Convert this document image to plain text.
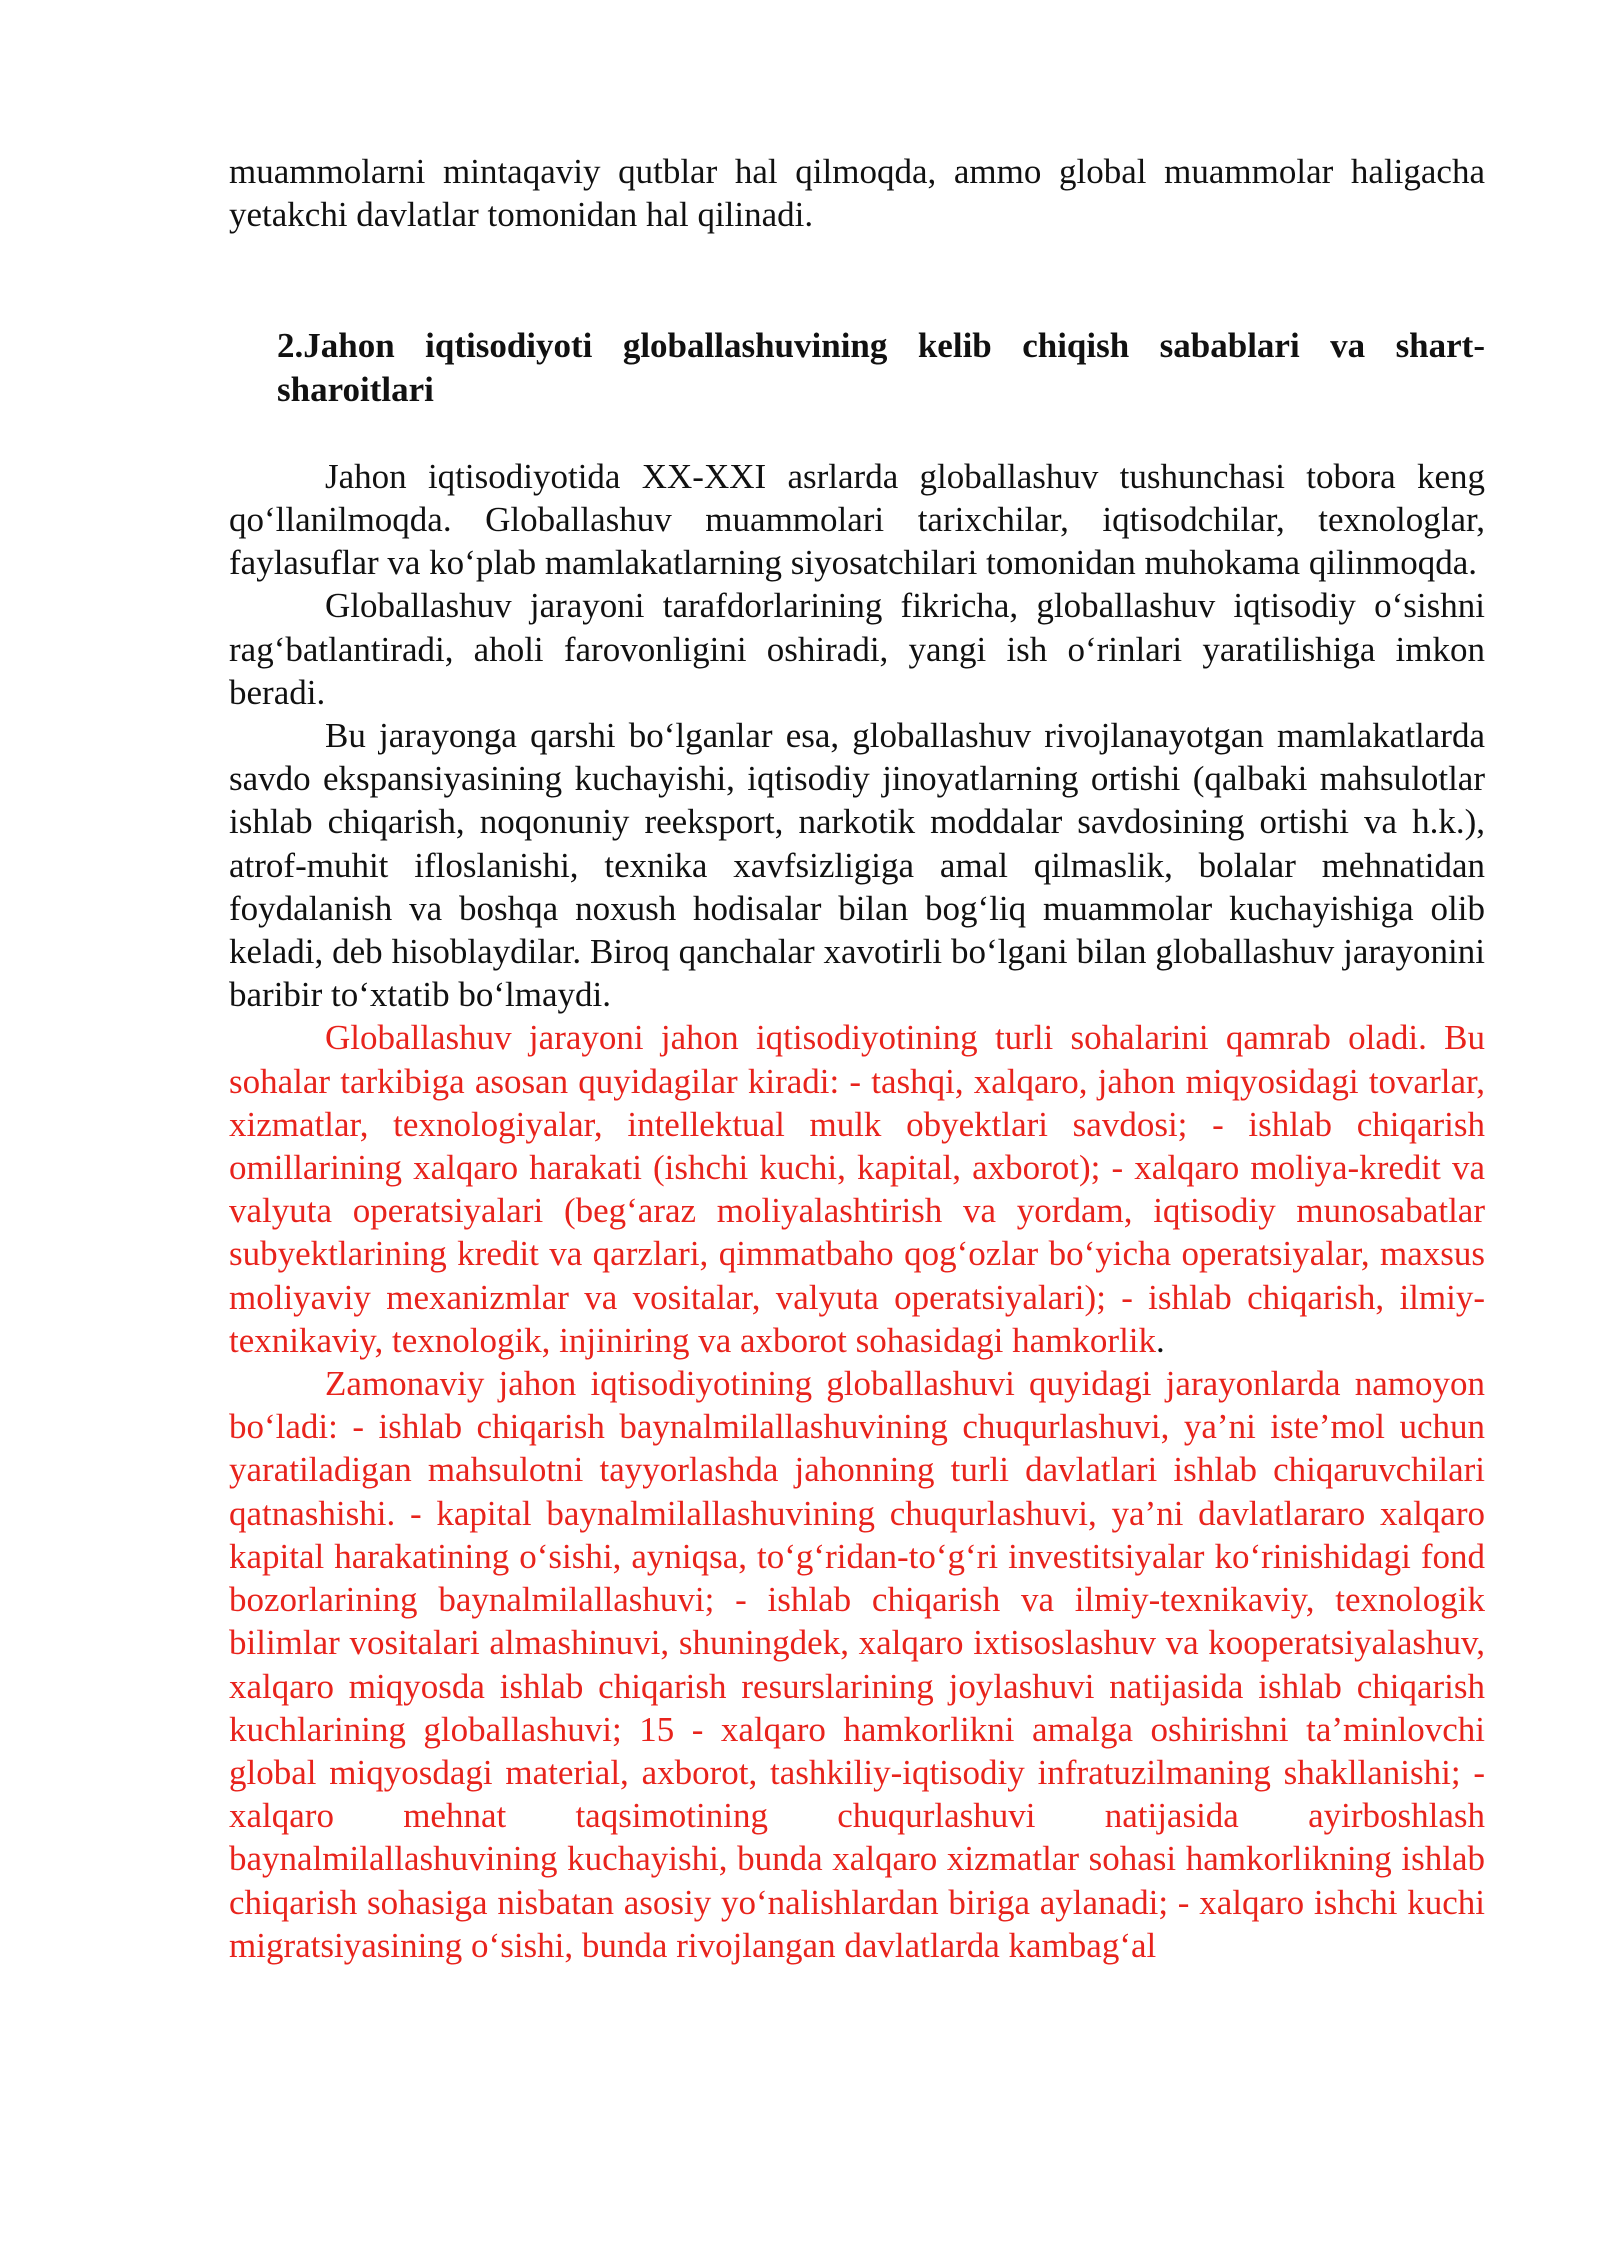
muammolarni mintaqaviy qutblar hal qilmoqda, ammo global muammolar haligacha yetakchi davlatlar tomonidan hal qilinadi.

2.Jahon iqtisodiyoti globallashuvining kelib chiqish sabablari va shart-sharoitlari

Jahon iqtisodiyotida XX-XXI asrlarda globallashuv tushunchasi tobora keng qo‘llanilmoqda. Globallashuv muammolari tarixchilar, iqtisodchilar, texnologlar, faylasuflar va ko‘plab mamlakatlarning siyosatchilari tomonidan muhokama qilinmoqda.

Globallashuv jarayoni tarafdorlarining fikricha, globallashuv iqtisodiy o‘sishni rag‘batlantiradi, aholi farovonligini oshiradi, yangi ish o‘rinlari yaratilishiga imkon beradi.

Bu jarayonga qarshi bo‘lganlar esa, globallashuv rivojlanayotgan mamlakatlarda savdo ekspansiyasining kuchayishi, iqtisodiy jinoyatlarning ortishi (qalbaki mahsulotlar ishlab chiqarish, noqonuniy reeksport, narkotik moddalar savdosining ortishi va h.k.), atrof-muhit ifloslanishi, texnika xavfsizligiga amal qilmaslik, bolalar mehnatidan foydalanish va boshqa noxush hodisalar bilan bog‘liq muammolar kuchayishiga olib keladi, deb hisoblaydilar. Biroq qanchalar xavotirli bo‘lgani bilan globallashuv jarayonini baribir to‘xtatib bo‘lmaydi.

Globallashuv jarayoni jahon iqtisodiyotining turli sohalarini qamrab oladi. Bu sohalar tarkibiga asosan quyidagilar kiradi: - tashqi, xalqaro, jahon miqyosidagi tovarlar, xizmatlar, texnologiyalar, intellektual mulk obyektlari savdosi; - ishlab chiqarish omillarining xalqaro harakati (ishchi kuchi, kapital, axborot); - xalqaro moliya-kredit va valyuta operatsiyalari (beg‘araz moliyalashtirish va yordam, iqtisodiy munosabatlar subyektlarining kredit va qarzlari, qimmatbaho qog‘ozlar bo‘yicha operatsiyalar, maxsus moliyaviy mexanizmlar va vositalar, valyuta operatsiyalari); - ishlab chiqarish, ilmiy-texnikaviy, texnologik, injiniring va axborot sohasidagi hamkorlik.

Zamonaviy jahon iqtisodiyotining globallashuvi quyidagi jarayonlarda namoyon bo‘ladi: - ishlab chiqarish baynalmilallashuvining chuqurlashuvi, ya’ni iste’mol uchun yaratiladigan mahsulotni tayyorlashda jahonning turli davlatlari ishlab chiqaruvchilari qatnashishi. - kapital baynalmilallashuvining chuqurlashuvi, ya’ni davlatlararo xalqaro kapital harakatining o‘sishi, ayniqsa, to‘g‘ridan-to‘g‘ri investitsiyalar ko‘rinishidagi fond bozorlarining baynalmilallashuvi; - ishlab chiqarish va ilmiy-texnikaviy, texnologik bilimlar vositalari almashinuvi, shuningdek, xalqaro ixtisoslashuv va kooperatsiyalashuv, xalqaro miqyosda ishlab chiqarish resurslarining joylashuvi natijasida ishlab chiqarish kuchlarining globallashuvi; 15 - xalqaro hamkorlikni amalga oshirishni ta’minlovchi global miqyosdagi material, axborot, tashkiliy-iqtisodiy infratuzilmaning shakllanishi; - xalqaro mehnat taqsimotining chuqurlashuvi natijasida ayirboshlash baynalmilallashuvining kuchayishi, bunda xalqaro xizmatlar sohasi hamkorlikning ishlab chiqarish sohasiga nisbatan asosiy yo‘nalishlardan biriga aylanadi; - xalqaro ishchi kuchi migratsiyasining o‘sishi, bunda rivojlangan davlatlarda kambag‘al
